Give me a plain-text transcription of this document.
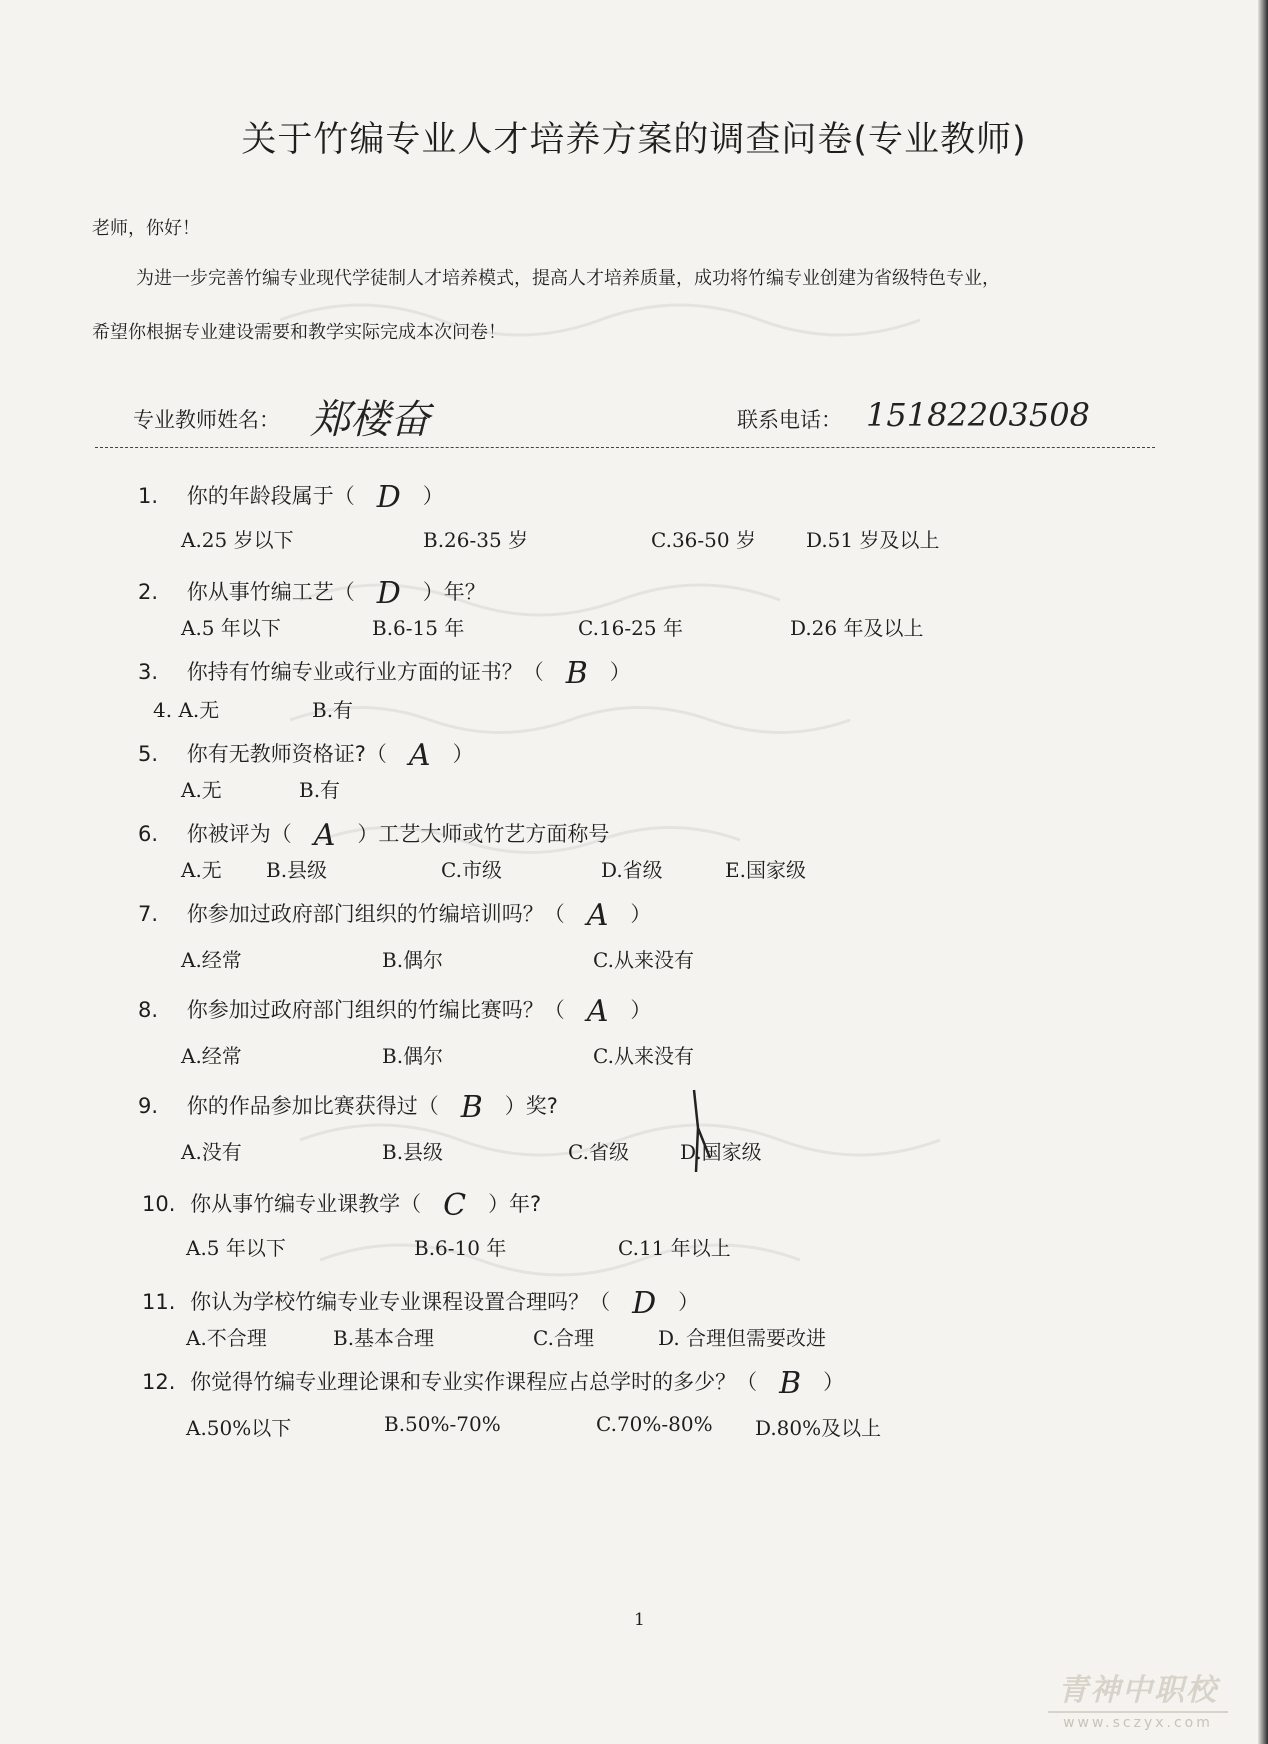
关于竹编专业人才培养方案的调查问卷(专业教师)
老师，你好！
为进一步完善竹编专业现代学徒制人才培养模式，提高人才培养质量，成功将竹编专业创建为省级特色专业，
希望你根据专业建设需要和教学实际完成本次问卷！
专业教师姓名： 郑楼奋	联系电话： 15182203508
1. 你的年龄段属于（ D ）
A.25 岁以下	B.26-35 岁	C.36-50 岁	D.51 岁及以上
2. 你从事竹编工艺（ D ）年？
A.5 年以下	B.6-15 年	C.16-25 年	D.26 年及以上
3. 你持有竹编专业或行业方面的证书？（ B ）
4. A.无	B.有
5. 你有无教师资格证?（ A ）
A.无	B.有
6. 你被评为（ A ）工艺大师或竹艺方面称号
A.无 B.县级	C.市级	D.省级	E.国家级
7. 你参加过政府部门组织的竹编培训吗？（ A ）
A.经常	B.偶尔	C.从来没有
8. 你参加过政府部门组织的竹编比赛吗？（ A ）
A.经常	B.偶尔	C.从来没有
9. 你的作品参加比赛获得过（ B ）奖?
A.没有	B.县级	C.省级	D.国家级
10. 你从事竹编专业课教学（ C ）年?
A.5 年以下	B.6-10 年	C.11 年以上
11. 你认为学校竹编专业专业课程设置合理吗？（ D ）
A.不合理	B.基本合理	C.合理	D. 合理但需要改进
12. 你觉得竹编专业理论课和专业实作课程应占总学时的多少？（ B ）
A.50%以下	B.50%-70%	C.70%-80% D.80%及以上
1
青神中职校
www.sczyx.com
